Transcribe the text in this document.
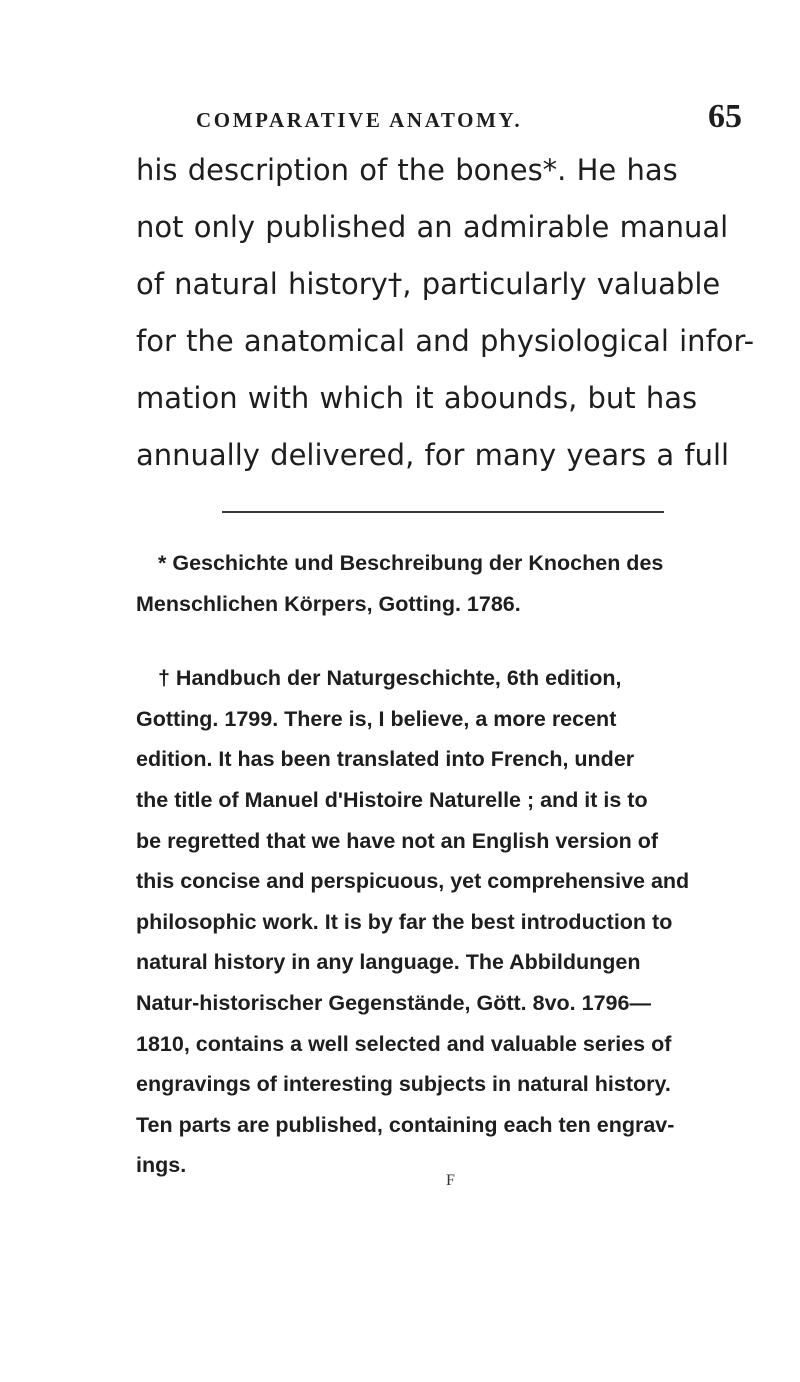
COMPARATIVE ANATOMY.	65
his description of the bones*. He has
not only published an admirable manual
of natural history†, particularly valuable
for the anatomical and physiological infor-
mation with which it abounds, but has
annually delivered, for many years a full
* Geschichte und Beschreibung der Knochen des
Menschlichen Körpers, Gotting. 1786.
† Handbuch der Naturgeschichte, 6th edition,
Gotting. 1799. There is, I believe, a more recent
edition. It has been translated into French, under
the title of Manuel d'Histoire Naturelle ; and it is to
be regretted that we have not an English version of
this concise and perspicuous, yet comprehensive and
philosophic work. It is by far the best introduction to
natural history in any language. The Abbildungen
Natur-historischer Gegenstände, Gött. 8vo. 1796—
1810, contains a well selected and valuable series of
engravings of interesting subjects in natural history.
Ten parts are published, containing each ten engrav-
ings.
F
